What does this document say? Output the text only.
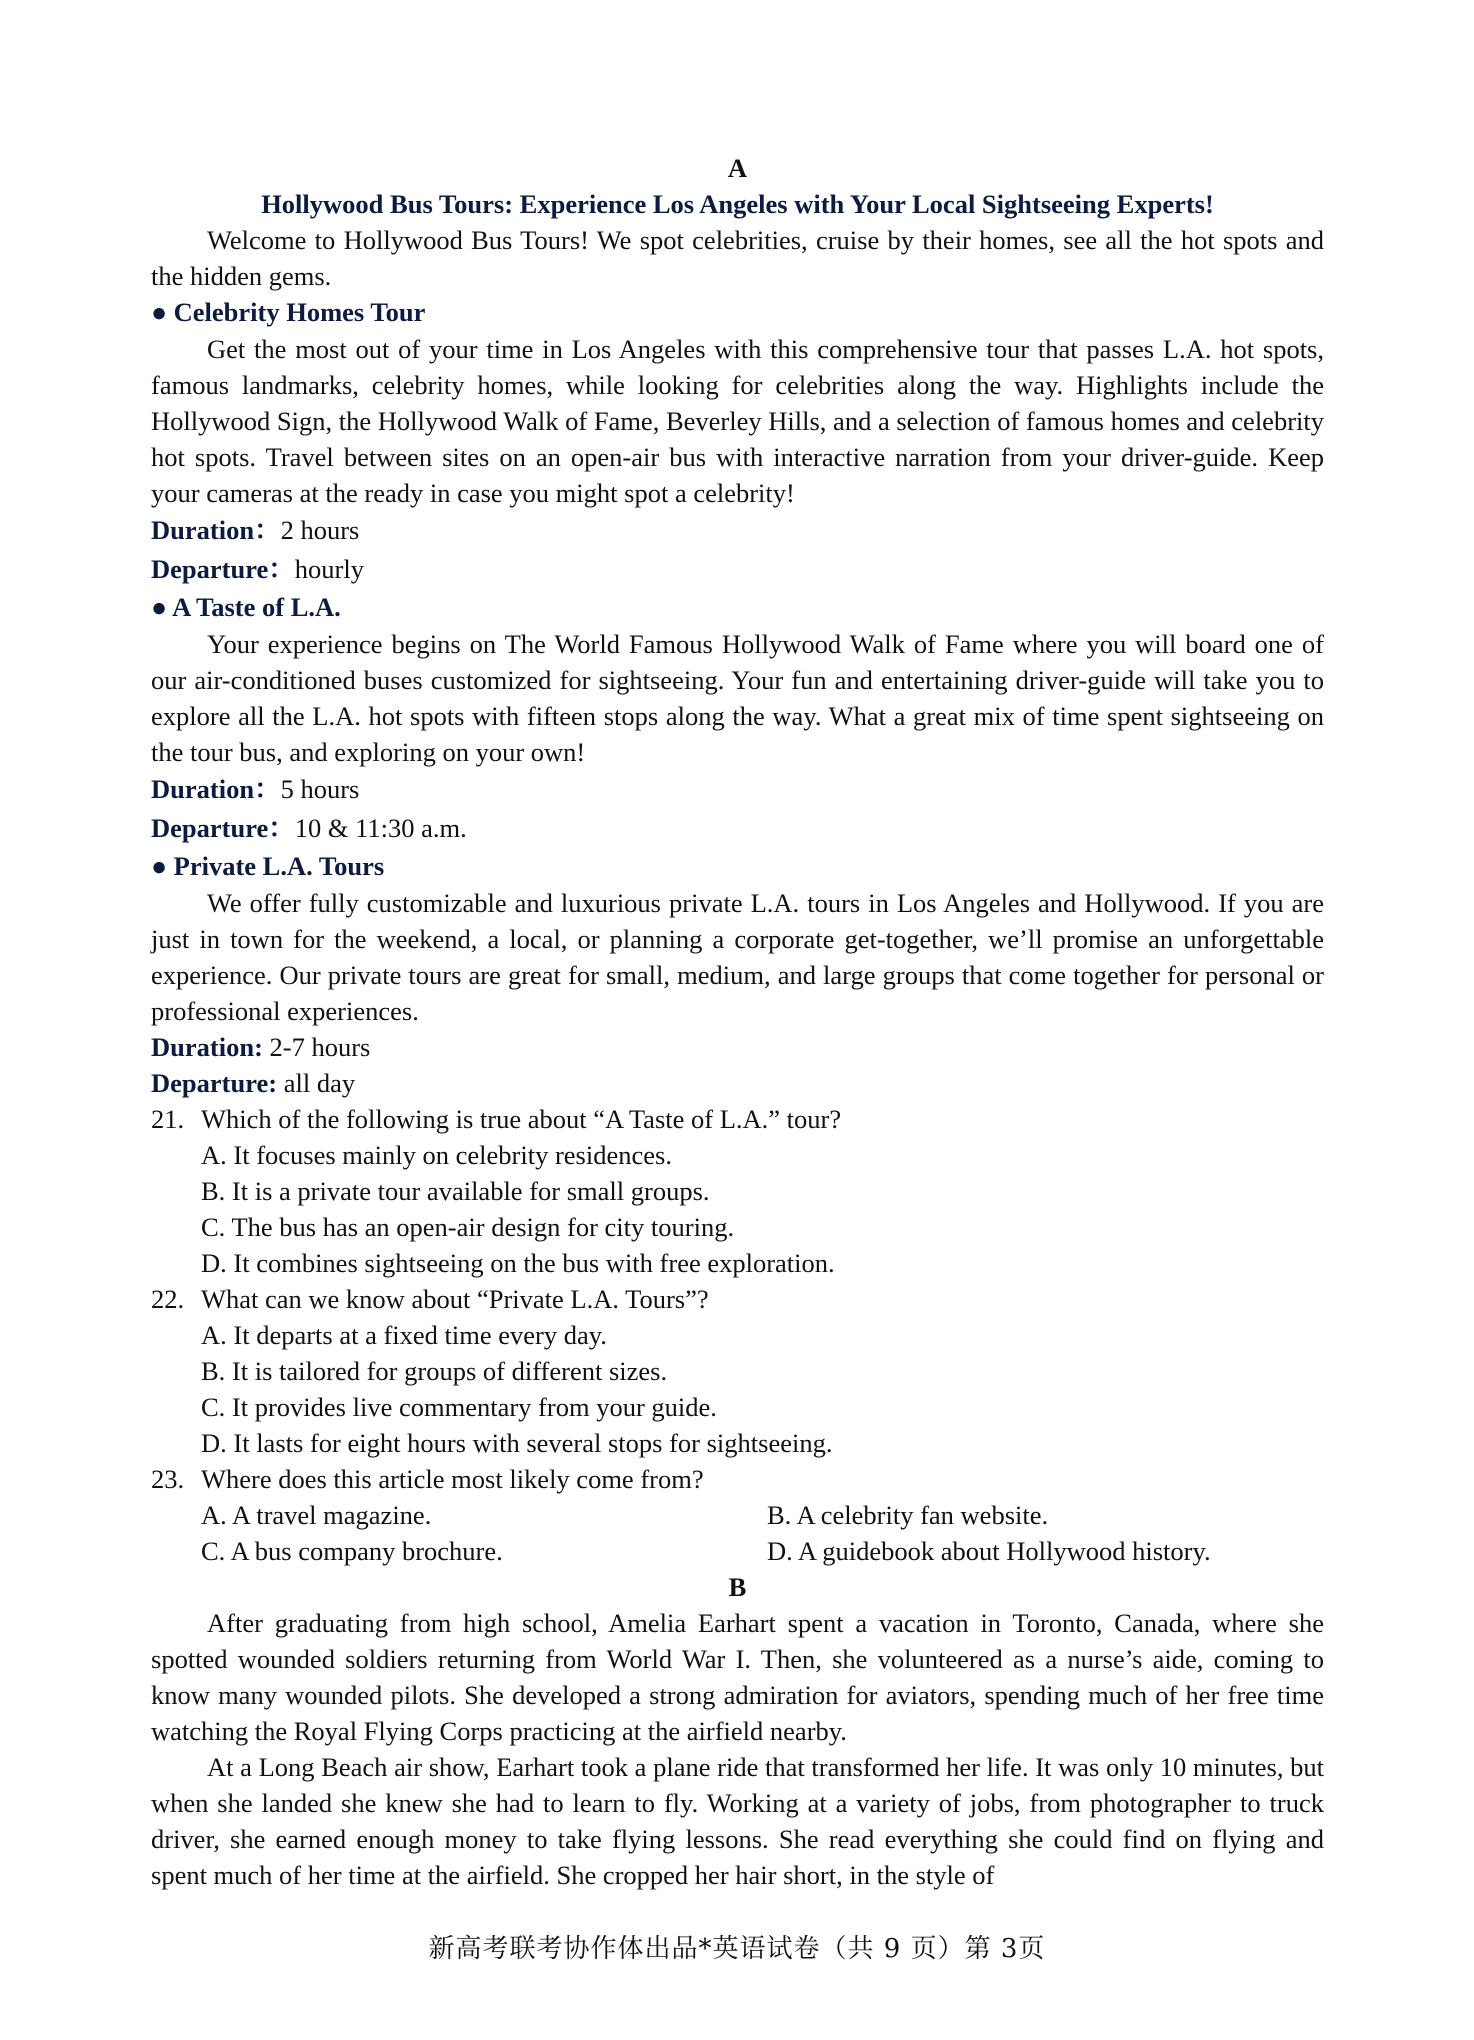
A
Hollywood Bus Tours: Experience Los Angeles with Your Local Sightseeing Experts!

Welcome to Hollywood Bus Tours! We spot celebrities, cruise by their homes, see all the hot spots and the hidden gems.

● Celebrity Homes Tour

Get the most out of your time in Los Angeles with this comprehensive tour that passes L.A. hot spots, famous landmarks, celebrity homes, while looking for celebrities along the way. Highlights include the Hollywood Sign, the Hollywood Walk of Fame, Beverley Hills, and a selection of famous homes and celebrity hot spots. Travel between sites on an open-air bus with interactive narration from your driver-guide. Keep your cameras at the ready in case you might spot a celebrity!

Duration：2 hours
Departure：hourly
● A Taste of L.A.

Your experience begins on The World Famous Hollywood Walk of Fame where you will board one of our air-conditioned buses customized for sightseeing. Your fun and entertaining driver-guide will take you to explore all the L.A. hot spots with fifteen stops along the way. What a great mix of time spent sightseeing on the tour bus, and exploring on your own!

Duration：5 hours
Departure：10 & 11:30 a.m.
● Private L.A. Tours

We offer fully customizable and luxurious private L.A. tours in Los Angeles and Hollywood. If you are just in town for the weekend, a local, or planning a corporate get-together, we’ll promise an unforgettable experience. Our private tours are great for small, medium, and large groups that come together for personal or professional experiences.

Duration: 2-7 hours
Departure: all day
21. Which of the following is true about “A Taste of L.A.” tour?
A. It focuses mainly on celebrity residences.
B. It is a private tour available for small groups.
C. The bus has an open-air design for city touring.
D. It combines sightseeing on the bus with free exploration.
22. What can we know about “Private L.A. Tours”?
A. It departs at a fixed time every day.
B. It is tailored for groups of different sizes.
C. It provides live commentary from your guide.
D. It lasts for eight hours with several stops for sightseeing.
23. Where does this article most likely come from?
A. A travel magazine.	B. A celebrity fan website.
C. A bus company brochure.	D. A guidebook about Hollywood history.
B

After graduating from high school, Amelia Earhart spent a vacation in Toronto, Canada, where she spotted wounded soldiers returning from World War I. Then, she volunteered as a nurse’s aide, coming to know many wounded pilots. She developed a strong admiration for aviators, spending much of her free time watching the Royal Flying Corps practicing at the airfield nearby.

At a Long Beach air show, Earhart took a plane ride that transformed her life. It was only 10 minutes, but when she landed she knew she had to learn to fly. Working at a variety of jobs, from photographer to truck driver, she earned enough money to take flying lessons. She read everything she could find on flying and spent much of her time at the airfield. She cropped her hair short, in the style of

新高考联考协作体出品*英语试卷（共 9 页）第 3页
